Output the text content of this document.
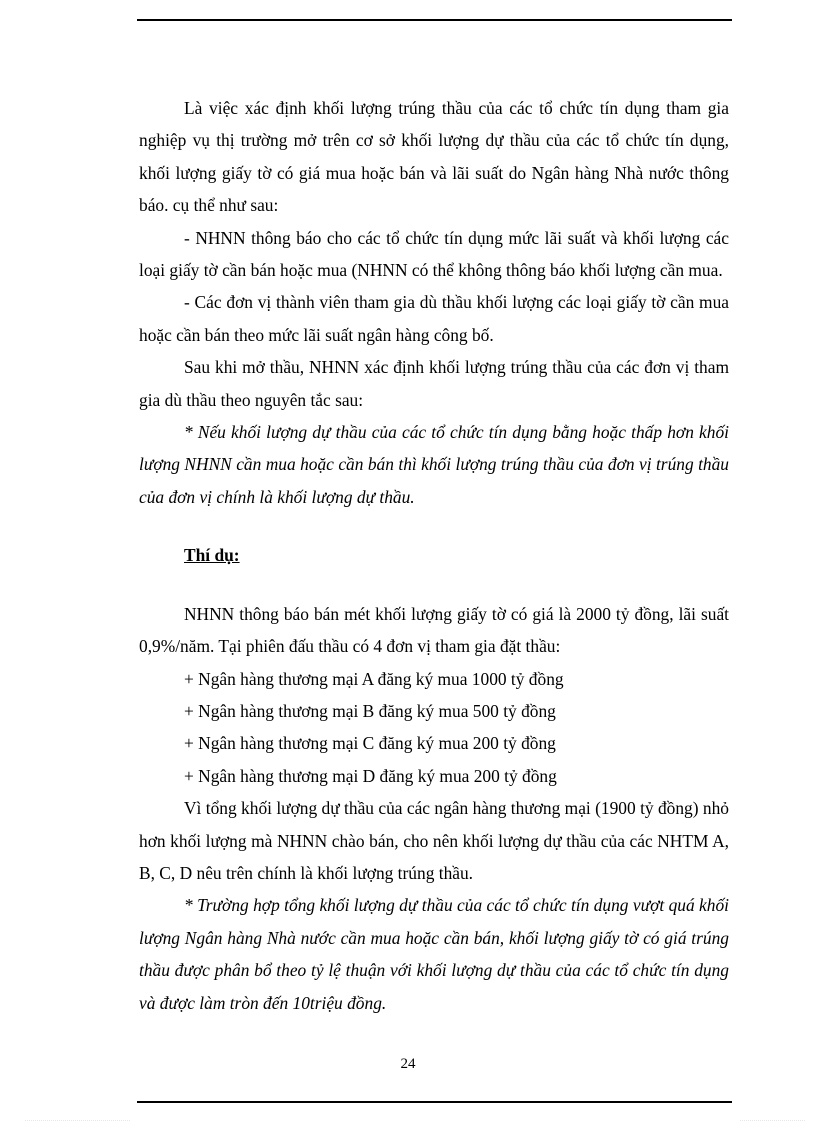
Là việc xác định khối lượng trúng thầu của các tổ chức tín dụng tham gia nghiệp vụ thị trường mở trên cơ sở khối lượng dự thầu của các tổ chức tín dụng, khối lượng giấy tờ có giá mua hoặc bán và lãi suất do Ngân hàng Nhà nước thông báo. cụ thể như sau:

- NHNN thông báo cho các tổ chức tín dụng mức lãi suất và khối lượng các loại giấy tờ cần bán hoặc mua (NHNN có thể không thông báo khối lượng cần mua.

- Các đơn vị thành viên tham gia dù thầu khối lượng các loại giấy tờ cần mua hoặc cần bán theo mức lãi suất ngân hàng công bố.

Sau khi mở thầu, NHNN xác định khối lượng trúng thầu của các đơn vị tham gia dù thầu theo nguyên tắc sau:

* Nếu khối lượng dự thầu của các tổ chức tín dụng bằng hoặc thấp hơn khối lượng NHNN cần mua hoặc cần bán thì khối lượng trúng thầu của đơn vị trúng thầu của đơn vị chính là khối lượng dự thầu.

Thí dụ:

NHNN thông báo bán mét khối lượng giấy tờ có giá là 2000 tỷ đồng, lãi suất 0,9%/năm. Tại phiên đấu thầu có 4 đơn vị tham gia đặt thầu:

+ Ngân hàng thương mại A đăng ký mua 1000 tỷ đồng

+ Ngân hàng thương mại B đăng ký mua 500 tỷ đồng

+ Ngân hàng thương mại C đăng ký mua 200 tỷ đồng

+ Ngân hàng thương mại D đăng ký mua 200 tỷ đồng

Vì tổng khối lượng dự thầu của các ngân hàng thương mại (1900 tỷ đồng) nhỏ hơn khối lượng mà NHNN chào bán, cho nên khối lượng dự thầu của các NHTM A, B, C, D nêu trên chính là khối lượng trúng thầu.

* Trường hợp tổng khối lượng dự thầu của các tổ chức tín dụng vượt quá khối lượng Ngân hàng Nhà nước cần mua hoặc cần bán, khối lượng giấy tờ có giá trúng thầu được phân bổ theo tỷ lệ thuận với khối lượng dự thầu của các tổ chức tín dụng và được làm tròn đến 10triệu đồng.

24
